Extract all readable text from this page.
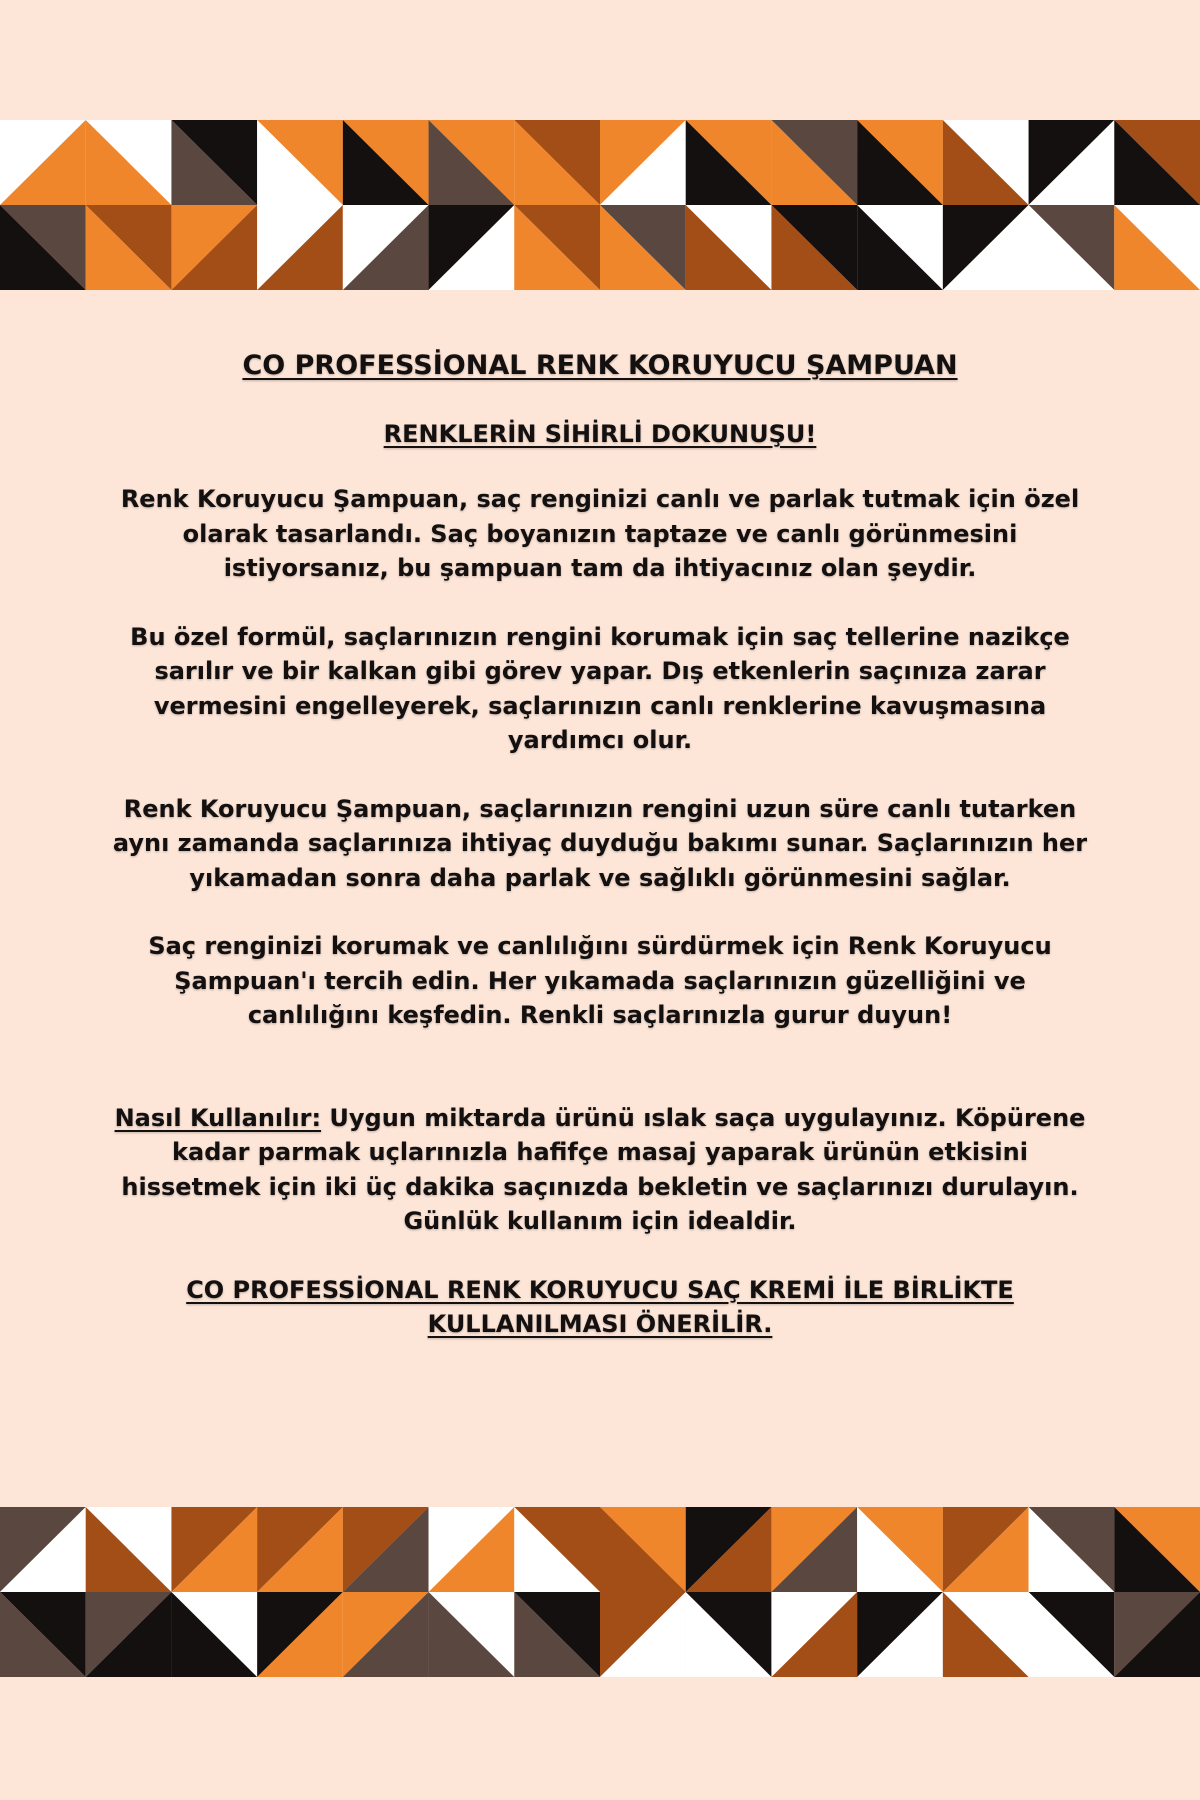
CO PROFESSİONAL RENK KORUYUCU ŞAMPUAN

RENKLERİN SİHİRLİ DOKUNUŞU!

Renk Koruyucu Şampuan, saç renginizi canlı ve parlak tutmak için özel olarak tasarlandı. Saç boyanızın taptaze ve canlı görünmesini istiyorsanız, bu şampuan tam da ihtiyacınız olan şeydir.

Bu özel formül, saçlarınızın rengini korumak için saç tellerine nazikçe sarılır ve bir kalkan gibi görev yapar. Dış etkenlerin saçınıza zarar vermesini engelleyerek, saçlarınızın canlı renklerine kavuşmasına yardımcı olur.

Renk Koruyucu Şampuan, saçlarınızın rengini uzun süre canlı tutarken aynı zamanda saçlarınıza ihtiyaç duyduğu bakımı sunar. Saçlarınızın her yıkamadan sonra daha parlak ve sağlıklı görünmesini sağlar.

Saç renginizi korumak ve canlılığını sürdürmek için Renk Koruyucu Şampuan'ı tercih edin. Her yıkamada saçlarınızın güzelliğini ve canlılığını keşfedin. Renkli saçlarınızla gurur duyun!

Nasıl Kullanılır: Uygun miktarda ürünü ıslak saça uygulayınız. Köpürene kadar parmak uçlarınızla hafifçe masaj yaparak ürünün etkisini hissetmek için iki üç dakika saçınızda bekletin ve saçlarınızı durulayın. Günlük kullanım için idealdir.

CO PROFESSİONAL RENK KORUYUCU SAÇ KREMİ İLE BİRLİKTE KULLANILMASI ÖNERİLİR.
